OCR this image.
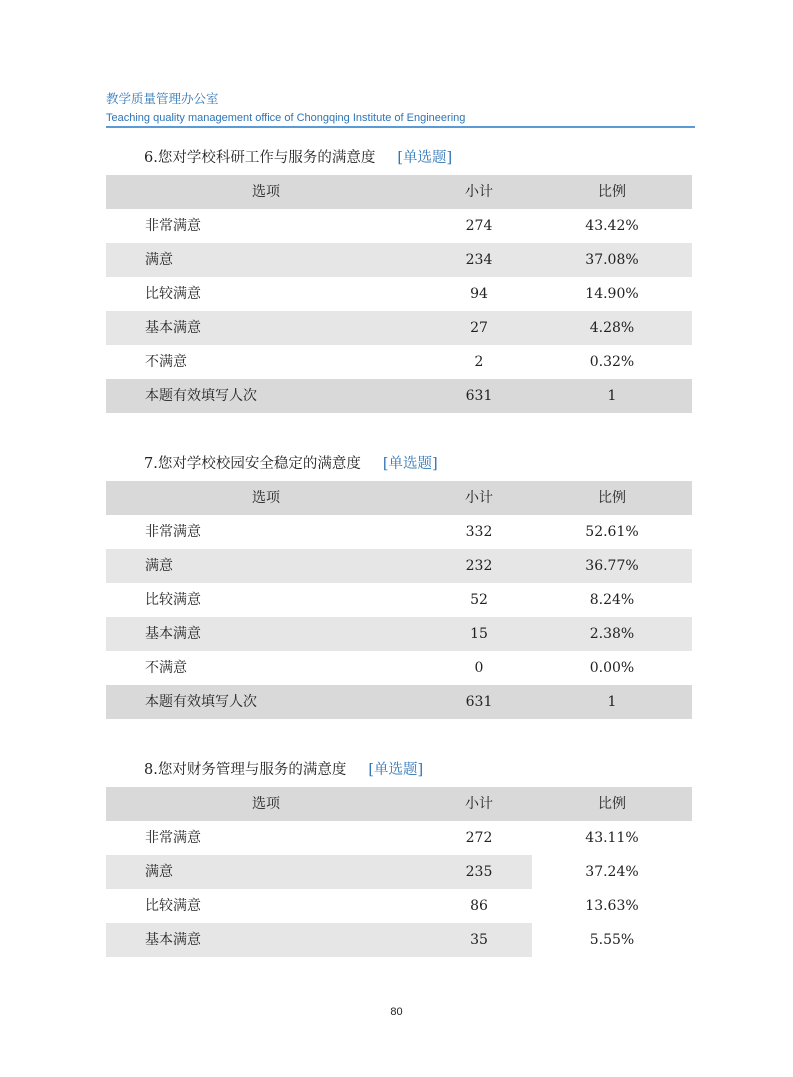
教学质量管理办公室
Teaching quality management office of Chongqing Institute of Engineering
6.您对学校科研工作与服务的满意度 [单选题]
选项	小计	比例
非常满意	274	43.42%
满意	234	37.08%
比较满意	94	14.90%
基本满意	27	4.28%
不满意	2	0.32%
本题有效填写人次	631	1
7.您对学校校园安全稳定的满意度 [单选题]
选项	小计	比例
非常满意	332	52.61%
满意	232	36.77%
比较满意	52	8.24%
基本满意	15	2.38%
不满意	0	0.00%
本题有效填写人次	631	1
8.您对财务管理与服务的满意度 [单选题]
选项	小计	比例
非常满意	272	43.11%
满意	235	37.24%
比较满意	86	13.63%
基本满意	35	5.55%
80
